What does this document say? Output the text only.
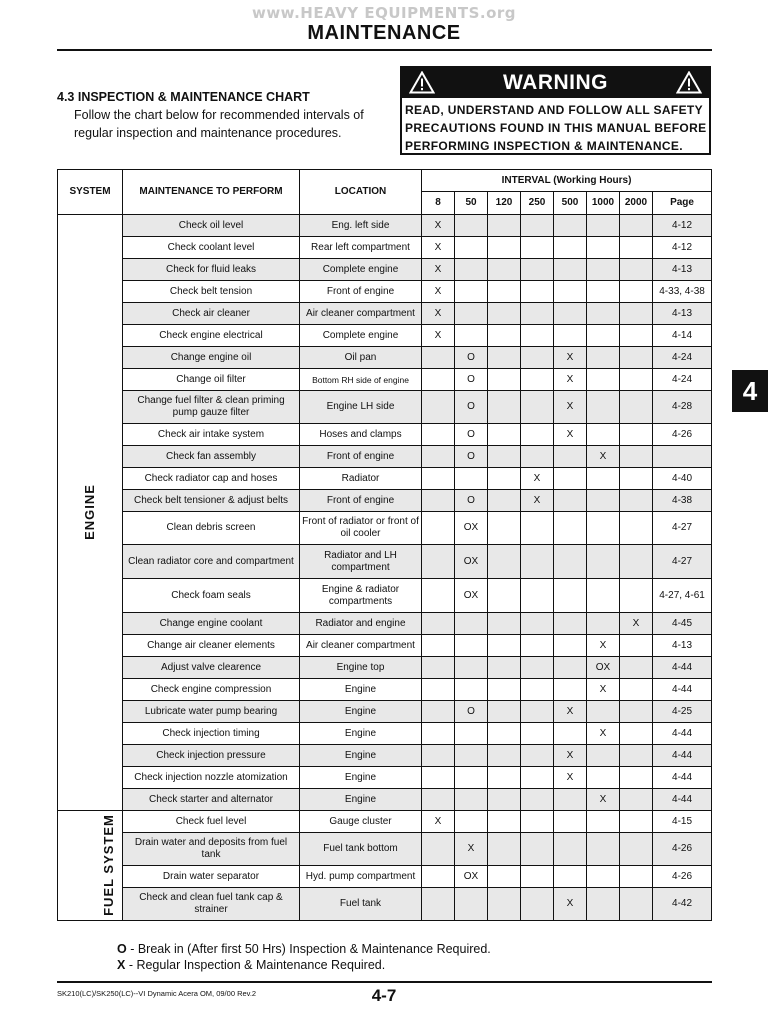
www.HEAVY EQUIPMENTS.org
MAINTENANCE
4.3 INSPECTION & MAINTENANCE CHART
Follow the chart below for recommended intervals of regular inspection and maintenance procedures.
WARNING
READ, UNDERSTAND AND FOLLOW ALL SAFETY
PRECAUTIONS FOUND IN THIS MANUAL BEFORE
PERFORMING INSPECTION & MAINTENANCE.
4
SYSTEM	MAINTENANCE TO PERFORM	LOCATION	INTERVAL (Working Hours)							
			8	50	120	250	500	1000	2000	Page
ENGINE	Check oil level	Eng. left side	X							4-12
	Check coolant level	Rear left compartment	X							4-12
	Check for fluid leaks	Complete engine	X							4-13
	Check belt tension	Front of engine	X							4-33, 4-38
	Check air cleaner	Air cleaner compartment	X							4-13
	Check engine electrical	Complete engine	X							4-14
	Change engine oil	Oil pan		O			X			4-24
	Change oil filter	Bottom RH side of engine		O			X			4-24
	Change fuel filter & clean priming pump gauze filter	Engine LH side		O			X			4-28
	Check air intake system	Hoses and clamps		O			X			4-26
	Check fan assembly	Front of engine		O				X		
	Check radiator cap and hoses	Radiator				X				4-40
	Check belt tensioner & adjust belts	Front of engine		O		X				4-38
	Clean debris screen	Front of radiator or front of oil cooler		OX						4-27
	Clean radiator core and compartment	Radiator and LH compartment		OX						4-27
	Check foam seals	Engine & radiator compartments		OX						4-27, 4-61
	Change engine coolant	Radiator and engine							X	4-45
	Change air cleaner elements	Air cleaner compartment						X		4-13
	Adjust valve clearence	Engine top						OX		4-44
	Check engine compression	Engine						X		4-44
	Lubricate water pump bearing	Engine		O			X			4-25
	Check injection timing	Engine						X		4-44
	Check injection pressure	Engine					X			4-44
	Check injection nozzle atomization	Engine					X			4-44
	Check starter and alternator	Engine						X		4-44
FUEL SYSTEM	Check fuel level	Gauge cluster	X							4-15
	Drain water and deposits from fuel tank	Fuel tank bottom		X						4-26
	Drain water separator	Hyd. pump compartment		OX						4-26
	Check and clean fuel tank cap & strainer	Fuel tank					X			4-42
O - Break in (After first 50 Hrs) Inspection & Maintenance Required.
X - Regular Inspection & Maintenance Required.
SK210(LC)/SK250(LC)--VI Dynamic Acera OM, 09/00 Rev.2	4-7
